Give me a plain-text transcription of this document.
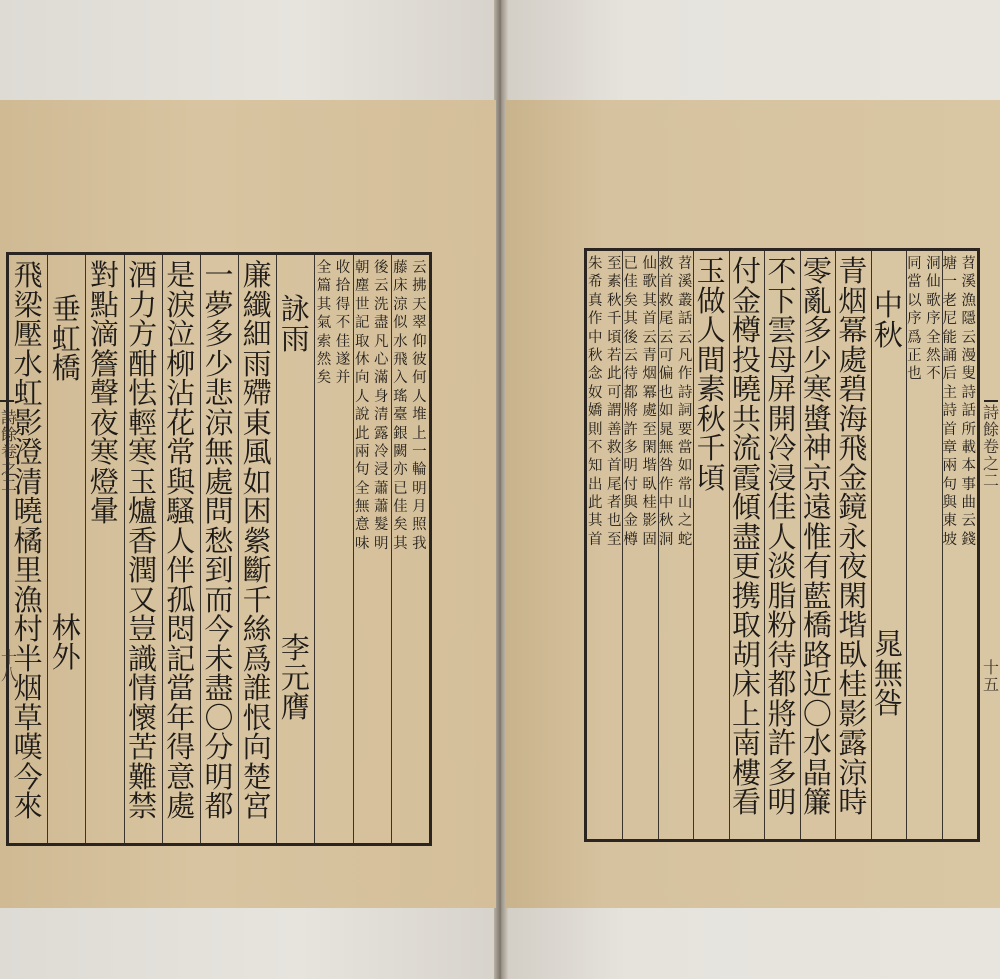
云
拂
天
翠
仰
彼
何
人
堆
上
一
輪
明
月
照
我
藤
床
涼
似
水
飛
入
瑤
臺
銀
闕
亦
已
佳
矣
其
後
云
洗
盡
凡
心
滿
身
清
露
冷
浸
蕭
蕭
髮
明
朝
塵
世
記
取
休
向
人
說
此
兩
句
全
無
意
味
收
拾
得
不
佳
遂
并
全
篇
其
氣
索
然
矣
詠
雨
李
元
膺
廉
纖
細
雨
殢
東
風
如
困
縈
斷
千
絲
爲
誰
恨
向
楚
宮
一
夢
多
少
悲
涼
無
處
問
愁
到
而
今
未
盡
〇
分
明
都
是
淚
泣
柳
沾
花
常
與
騷
人
伴
孤
悶
記
當
年
得
意
處
酒
力
方
酣
怯
輕
寒
玉
爐
香
潤
又
豈
識
情
懷
苦
難
禁
對
點
滴
簷
聲
夜
寒
燈
暈
垂
虹
橋
林
外
飛
梁
壓
水
虹
影
澄
清
曉
橘
里
漁
村
半
烟
草
嘆
今
來
苕
溪
漁
隱
云
漫
叟
詩
話
所
載
本
事
曲
云
錢
塘
一
老
尼
能
誦
后
主
詩
首
章
兩
句
與
東
坡
洞
仙
歌
序
全
然
不
同
當
以
序
爲
正
也
中
秋
晁
無
咎
青
烟
冪
處
碧
海
飛
金
鏡
永
夜
閑
堦
臥
桂
影
露
涼
時
零
亂
多
少
寒
螿
神
京
遠
惟
有
藍
橋
路
近
〇
水
晶
簾
不
下
雲
母
屏
開
冷
浸
佳
人
淡
脂
粉
待
都
將
許
多
明
付
金
樽
投
曉
共
流
霞
傾
盡
更
携
取
胡
床
上
南
樓
看
玉
做
人
間
素
秋
千
頃
苕
溪
叢
話
云
凡
作
詩
詞
要
當
如
常
山
之
蛇
救
首
救
尾
云
可
偏
也
如
晁
無
咎
作
中
秋
洞
仙
歌
其
首
云
青
烟
冪
處
至
閑
堦
臥
桂
影
固
已
佳
矣
其
後
云
待
都
將
許
多
明
付
與
金
樽
至
素
秋
千
頃
若
此
可
謂
善
救
首
尾
者
也
至
朱
希
真
作
中
秋
念
奴
嬌
則
不
知
出
此
其
首
詩
餘
卷
之
二
十
八
詩
餘
卷
之
二
十
五
